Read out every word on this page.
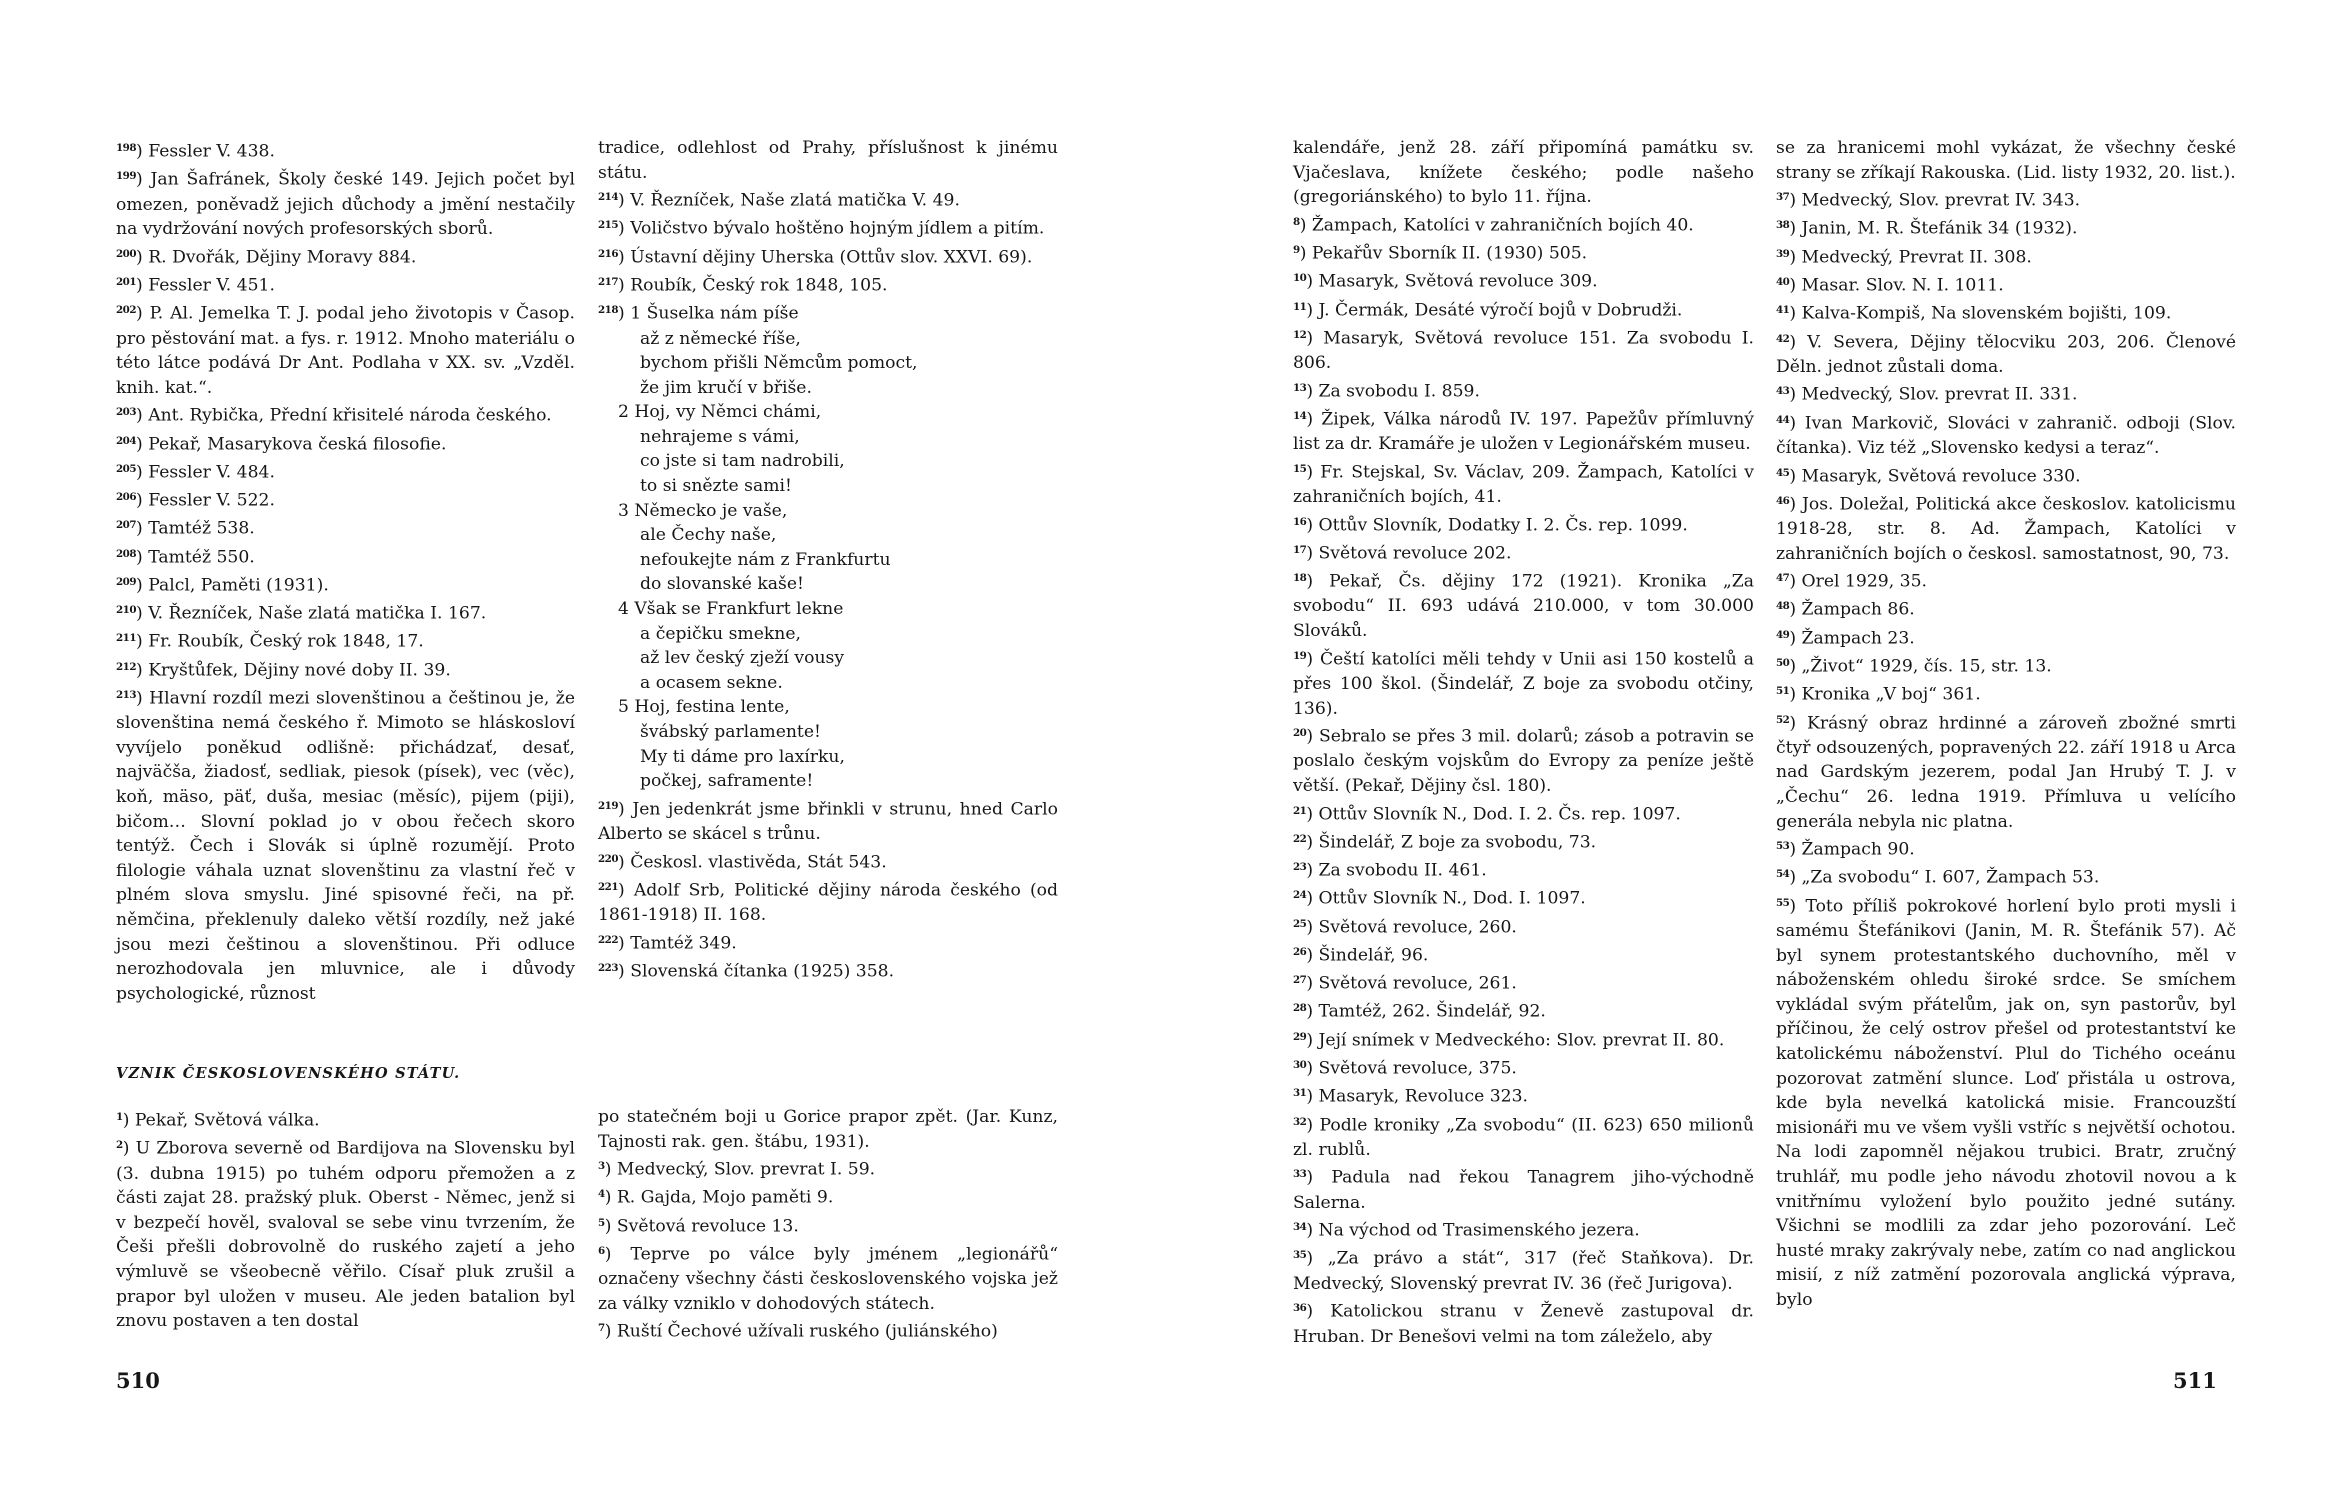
$^{198}$) Fessler V. 438.

$^{199}$) Jan Šafránek, Školy české 149. Jejich počet byl omezen, poněvadž jejich důchody a jmění nestačily na vydržování nových profesorských sborů.

$^{200}$) R. Dvořák, Dějiny Moravy 884.

$^{201}$) Fessler V. 451.

$^{202}$) P. Al. Jemelka T. J. podal jeho životopis v Časop. pro pěstování mat. a fys. r. 1912. Mnoho materiálu o této látce podává Dr Ant. Podlaha v XX. sv. „Vzděl. knih. kat.“.

$^{203}$) Ant. Rybička, Přední křisitelé národa českého.

$^{204}$) Pekař, Masarykova česká filosofie.

$^{205}$) Fessler V. 484.

$^{206}$) Fessler V. 522.

$^{207}$) Tamtéž 538.

$^{208}$) Tamtéž 550.

$^{209}$) Palcl, Paměti (1931).

$^{210}$) V. Řezníček, Naše zlatá matička I. 167.

$^{211}$) Fr. Roubík, Český rok 1848, 17.

$^{212}$) Kryštůfek, Dějiny nové doby II. 39.

$^{213}$) Hlavní rozdíl mezi slovenštinou a češtinou je, že slovenština nemá českého ř. Mimoto se hláskosloví vyvíjelo poněkud odlišně: přichádzať, desať, najväčša, žiadosť, sedliak, piesok (písek), vec (věc), koň, mäso, päť, duša, mesiac (měsíc), pijem (piji), bičom… Slovní poklad jo v obou řečech skoro tentýž. Čech i Slovák si úplně rozumějí. Proto filologie váhala uznat slovenštinu za vlastní řeč v plném slova smyslu. Jiné spisovné řeči, na př. němčina, překlenuly daleko větší rozdíly, než jaké jsou mezi češtinou a slovenštinou. Při odluce nerozhodovala jen mluvnice, ale i důvody psychologické, různost

tradice, odlehlost od Prahy, příslušnost k jinému státu.

$^{214}$) V. Řezníček, Naše zlatá matička V. 49.

$^{215}$) Voličstvo bývalo hoštěno hojným jídlem a pitím.

$^{216}$) Ústavní dějiny Uherska (Ottův slov. XXVI. 69).

$^{217}$) Roubík, Český rok 1848, 105.

$^{218}$) 1 Šuselka nám píše
až z německé říše,
bychom přišli Němcům pomoct,
že jim kručí v břiše.
2 Hoj, vy Němci chámi,
nehrajeme s vámi,
co jste si tam nadrobili,
to si snězte sami!
3 Německo je vaše,
ale Čechy naše,
nefoukejte nám z Frankfurtu
do slovanské kaše!
4 Však se Frankfurt lekne
a čepičku smekne,
až lev český zježí vousy
a ocasem sekne.
5 Hoj, festina lente,
švábský parlamente!
My ti dáme pro laxírku,
počkej, saframente!

$^{219}$) Jen jedenkrát jsme břinkli v strunu, hned Carlo Alberto se skácel s trůnu.

$^{220}$) Českosl. vlastivěda, Stát 543.

$^{221}$) Adolf Srb, Politické dějiny národa českého (od 1861-1918) II. 168.

$^{222}$) Tamtéž 349.

$^{223}$) Slovenská čítanka (1925) 358.

VZNIK ČESKOSLOVENSKÉHO STÁTU.

$^1$) Pekař, Světová válka.

$^2$) U Zborova severně od Bardijova na Slovensku byl (3. dubna 1915) po tuhém odporu přemožen a z části zajat 28. pražský pluk. Oberst - Němec, jenž si v bezpečí hověl, svaloval se sebe vinu tvrzením, že Češi přešli dobrovolně do ruského zajetí a jeho výmluvě se všeobecně věřilo. Císař pluk zrušil a prapor byl uložen v museu. Ale jeden batalion byl znovu postaven a ten dostal

po statečném boji u Gorice prapor zpět. (Jar. Kunz, Tajnosti rak. gen. štábu, 1931).

$^3$) Medvecký, Slov. prevrat I. 59.

$^4$) R. Gajda, Mojo paměti 9.

$^5$) Světová revoluce 13.

$^6$) Teprve po válce byly jménem „legionářů“ označeny všechny části československého vojska jež za války vzniklo v dohodových státech.

$^7$) Ruští Čechové užívali ruského (juliánského)

510

kalendáře, jenž 28. září připomíná památku sv. Vjačeslava, knížete českého; podle našeho (gregoriánského) to bylo 11. října.

$^8$) Žampach, Katolíci v zahraničních bojích 40.

$^9$) Pekařův Sborník II. (1930) 505.

$^{10}$) Masaryk, Světová revoluce 309.

$^{11}$) J. Čermák, Desáté výročí bojů v Dobrudži.

$^{12}$) Masaryk, Světová revoluce 151. Za svobodu I. 806.

$^{13}$) Za svobodu I. 859.

$^{14}$) Žipek, Válka národů IV. 197. Papežův přímluvný list za dr. Kramáře je uložen v Legionářském museu.

$^{15}$) Fr. Stejskal, Sv. Václav, 209. Žampach, Katolíci v zahraničních bojích, 41.

$^{16}$) Ottův Slovník, Dodatky I. 2. Čs. rep. 1099.

$^{17}$) Světová revoluce 202.

$^{18}$) Pekař, Čs. dějiny 172 (1921). Kronika „Za svobodu“ II. 693 udává 210.000, v tom 30.000 Slováků.

$^{19}$) Čeští katolíci měli tehdy v Unii asi 150 kostelů a přes 100 škol. (Šindelář, Z boje za svobodu otčiny, 136).

$^{20}$) Sebralo se přes 3 mil. dolarů; zásob a potravin se poslalo českým vojskům do Evropy za peníze ještě větší. (Pekař, Dějiny čsl. 180).

$^{21}$) Ottův Slovník N., Dod. I. 2. Čs. rep. 1097.

$^{22}$) Šindelář, Z boje za svobodu, 73.

$^{23}$) Za svobodu II. 461.

$^{24}$) Ottův Slovník N., Dod. I. 1097.

$^{25}$) Světová revoluce, 260.

$^{26}$) Šindelář, 96.

$^{27}$) Světová revoluce, 261.

$^{28}$) Tamtéž, 262. Šindelář, 92.

$^{29}$) Její snímek v Medveckého: Slov. prevrat II. 80.

$^{30}$) Světová revoluce, 375.

$^{31}$) Masaryk, Revoluce 323.

$^{32}$) Podle kroniky „Za svobodu“ (II. 623) 650 milionů zl. rublů.

$^{33}$) Padula nad řekou Tanagrem jiho-východně Salerna.

$^{34}$) Na východ od Trasimenského jezera.

$^{35}$) „Za právo a stát“, 317 (řeč Staňkova). Dr. Medvecký, Slovenský prevrat IV. 36 (řeč Jurigova).

$^{36}$) Katolickou stranu v Ženevě zastupoval dr. Hruban. Dr Benešovi velmi na tom záleželo, aby

se za hranicemi mohl vykázat, že všechny české strany se zříkají Rakouska. (Lid. listy 1932, 20. list.).

$^{37}$) Medvecký, Slov. prevrat IV. 343.

$^{38}$) Janin, M. R. Štefánik 34 (1932).

$^{39}$) Medvecký, Prevrat II. 308.

$^{40}$) Masar. Slov. N. I. 1011.

$^{41}$) Kalva-Kompiš, Na slovenském bojišti, 109.

$^{42}$) V. Severa, Dějiny tělocviku 203, 206. Členové Děln. jednot zůstali doma.

$^{43}$) Medvecký, Slov. prevrat II. 331.

$^{44}$) Ivan Markovič, Slováci v zahranič. odboji (Slov. čítanka). Viz též „Slovensko kedysi a teraz“.

$^{45}$) Masaryk, Světová revoluce 330.

$^{46}$) Jos. Doležal, Politická akce českoslov. katolicismu 1918-28, str. 8. Ad. Žampach, Katolíci v zahraničních bojích o českosl. samostatnost, 90, 73.

$^{47}$) Orel 1929, 35.

$^{48}$) Žampach 86.

$^{49}$) Žampach 23.

$^{50}$) „Život“ 1929, čís. 15, str. 13.

$^{51}$) Kronika „V boj“ 361.

$^{52}$) Krásný obraz hrdinné a zároveň zbožné smrti čtyř odsouzených, popravených 22. září 1918 u Arca nad Gardským jezerem, podal Jan Hrubý T. J. v „Čechu“ 26. ledna 1919. Přímluva u velícího generála nebyla nic platna.

$^{53}$) Žampach 90.

$^{54}$) „Za svobodu“ I. 607, Žampach 53.

$^{55}$) Toto příliš pokrokové horlení bylo proti mysli i samému Štefánikovi (Janin, M. R. Štefánik 57). Ač byl synem protestantského duchovního, měl v náboženském ohledu široké srdce. Se smíchem vykládal svým přátelům, jak on, syn pastorův, byl příčinou, že celý ostrov přešel od protestantství ke katolickému náboženství. Plul do Tichého oceánu pozorovat zatmění slunce. Loď přistála u ostrova, kde byla nevelká katolická misie. Francouzští misionáři mu ve všem vyšli vstříc s největší ochotou. Na lodi zapomněl nějakou trubici. Bratr, zručný truhlář, mu podle jeho návodu zhotovil novou a k vnitřnímu vyložení bylo použito jedné sutány. Všichni se modlili za zdar jeho pozorování. Leč husté mraky zakrývaly nebe, zatím co nad anglickou misií, z níž zatmění pozorovala anglická výprava, bylo

511
